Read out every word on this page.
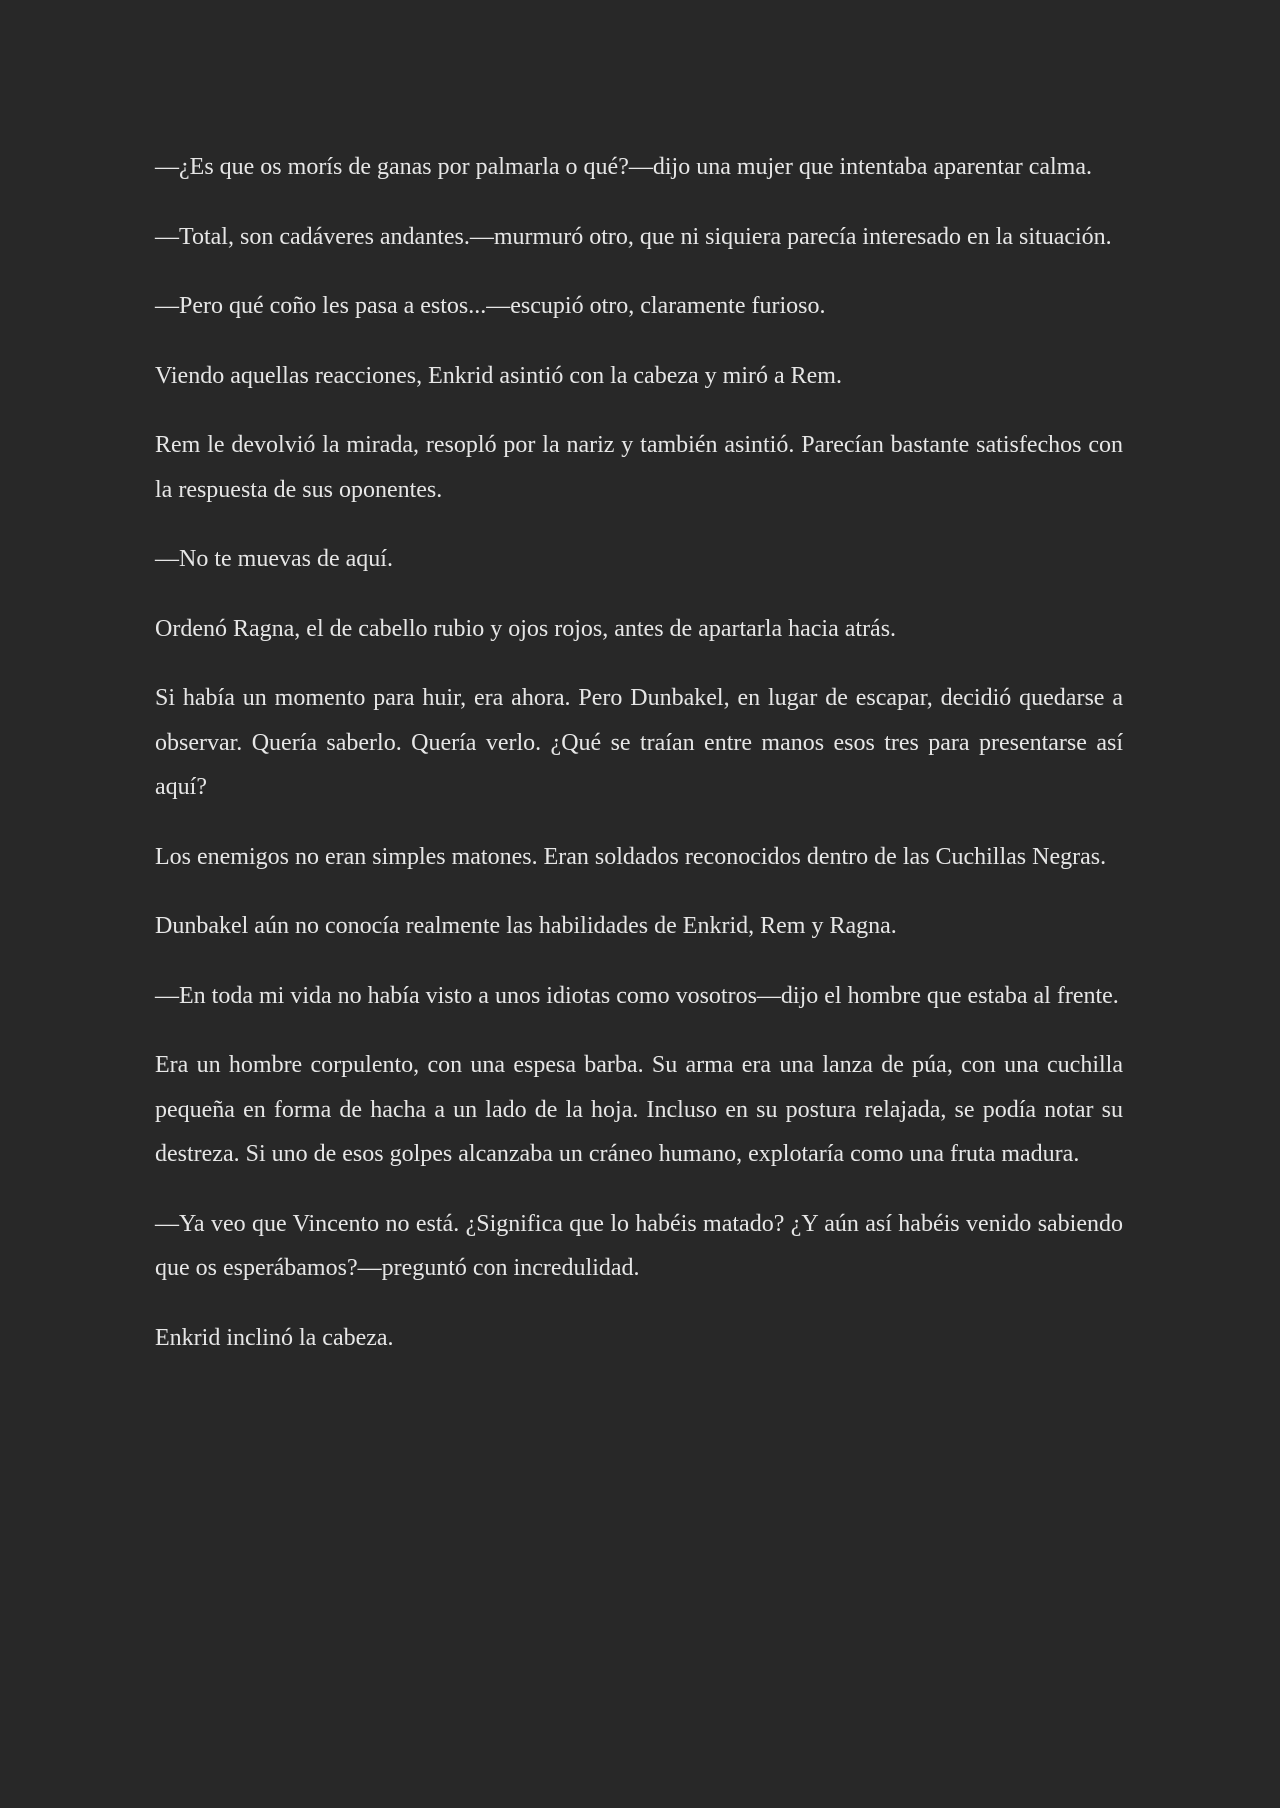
—¿Es que os morís de ganas por palmarla o qué?—dijo una mujer que intentaba aparentar calma.

—Total, son cadáveres andantes.—murmuró otro, que ni siquiera parecía interesado en la situación.

—Pero qué coño les pasa a estos...—escupió otro, claramente furioso.

Viendo aquellas reacciones, Enkrid asintió con la cabeza y miró a Rem.

Rem le devolvió la mirada, resopló por la nariz y también asintió. Parecían bastante satisfechos con la respuesta de sus oponentes.

—No te muevas de aquí.

Ordenó Ragna, el de cabello rubio y ojos rojos, antes de apartarla hacia atrás.

Si había un momento para huir, era ahora. Pero Dunbakel, en lugar de escapar, decidió quedarse a observar. Quería saberlo. Quería verlo. ¿Qué se traían entre manos esos tres para presentarse así aquí?

Los enemigos no eran simples matones. Eran soldados reconocidos dentro de las Cuchillas Negras.

Dunbakel aún no conocía realmente las habilidades de Enkrid, Rem y Ragna.

—En toda mi vida no había visto a unos idiotas como vosotros—dijo el hombre que estaba al frente.

Era un hombre corpulento, con una espesa barba. Su arma era una lanza de púa, con una cuchilla pequeña en forma de hacha a un lado de la hoja. Incluso en su postura relajada, se podía notar su destreza. Si uno de esos golpes alcanzaba un cráneo humano, explotaría como una fruta madura.

—Ya veo que Vincento no está. ¿Significa que lo habéis matado? ¿Y aún así habéis venido sabiendo que os esperábamos?—preguntó con incredulidad.

Enkrid inclinó la cabeza.
